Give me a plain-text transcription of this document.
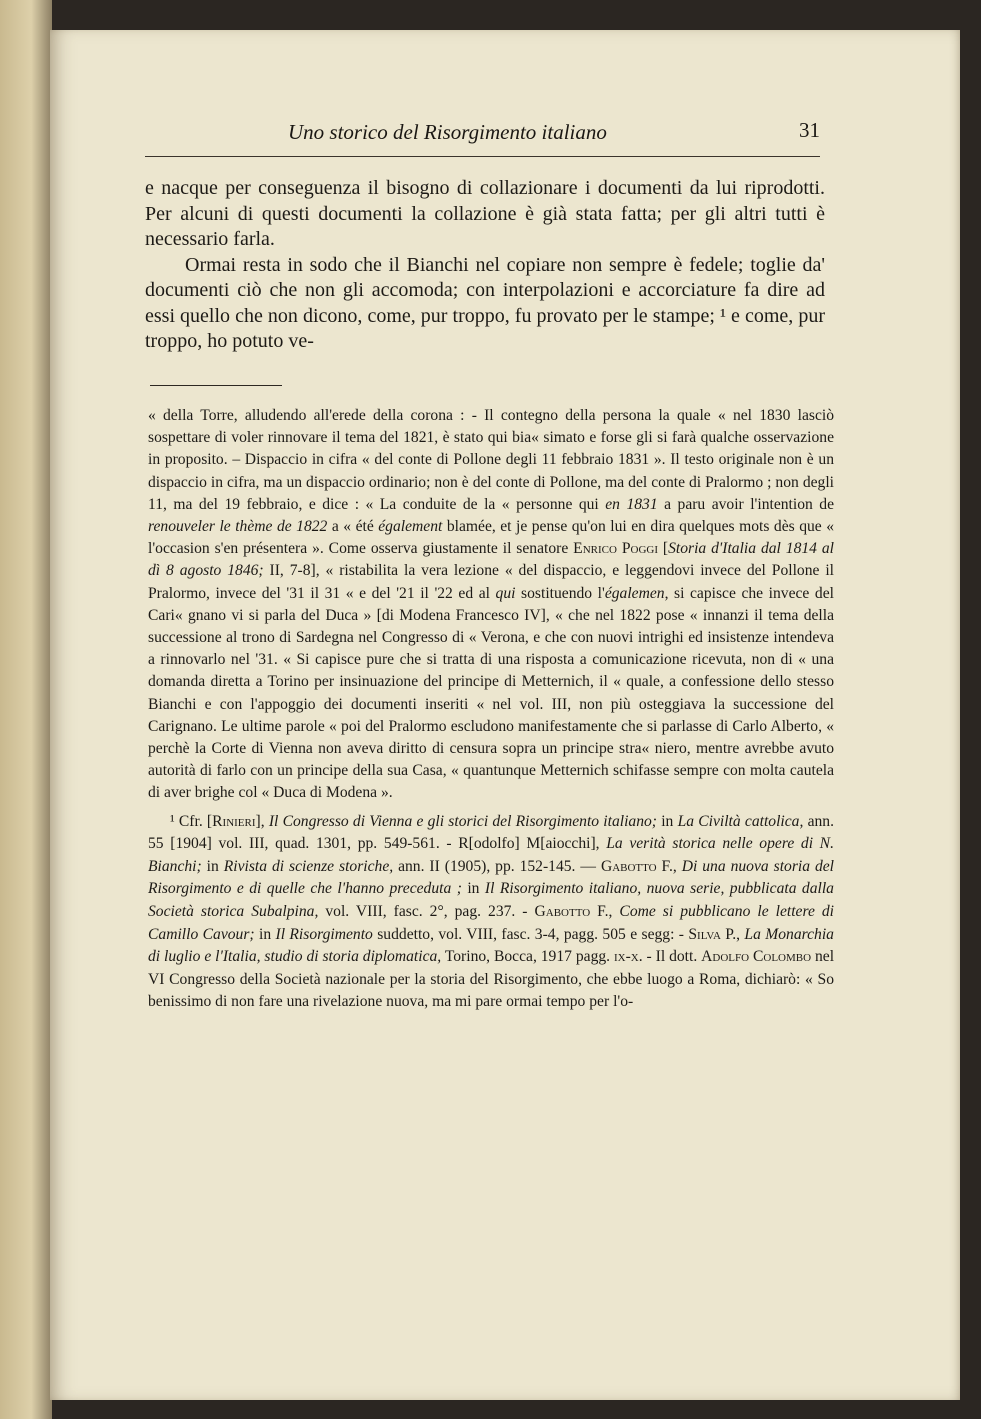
Uno storico del Risorgimento italiano	31

e nacque per conseguenza il bisogno di collazionare i documenti da lui riprodotti. Per alcuni di questi documenti la collazione è già stata fatta; per gli altri tutti è necessario farla.

Ormai resta in sodo che il Bianchi nel copiare non sempre è fedele; toglie da' documenti ciò che non gli accomoda; con interpolazioni e accorciature fa dire ad essi quello che non dicono, come, pur troppo, fu provato per le stampe; ¹ e come, pur troppo, ho potuto ve-

« della Torre, alludendo all'erede della corona : - Il contegno della persona la quale « nel 1830 lasciò sospettare di voler rinnovare il tema del 1821, è stato qui bia« simato e forse gli si farà qualche osservazione in proposito. – Dispaccio in cifra « del conte di Pollone degli 11 febbraio 1831 ». Il testo originale non è un dispaccio in cifra, ma un dispaccio ordinario; non è del conte di Pollone, ma del conte di Pralormo ; non degli 11, ma del 19 febbraio, e dice : « La conduite de la « personne qui en 1831 a paru avoir l'intention de renouveler le thème de 1822 a « été également blamée, et je pense qu'on lui en dira quelques mots dès que « l'occasion s'en présentera ». Come osserva giustamente il senatore Enrico Poggi [Storia d'Italia dal 1814 al dì 8 agosto 1846; II, 7-8], « ristabilita la vera lezione « del dispaccio, e leggendovi invece del Pollone il Pralormo, invece del '31 il 31 « e del '21 il '22 ed al qui sostituendo l'égalemen, si capisce che invece del Cari« gnano vi si parla del Duca » [di Modena Francesco IV], « che nel 1822 pose « innanzi il tema della successione al trono di Sardegna nel Congresso di « Verona, e che con nuovi intrighi ed insistenze intendeva a rinnovarlo nel '31. « Si capisce pure che si tratta di una risposta a comunicazione ricevuta, non di « una domanda diretta a Torino per insinuazione del principe di Metternich, il « quale, a confessione dello stesso Bianchi e con l'appoggio dei documenti inseriti « nel vol. III, non più osteggiava la successione del Carignano. Le ultime parole « poi del Pralormo escludono manifestamente che si parlasse di Carlo Alberto, « perchè la Corte di Vienna non aveva diritto di censura sopra un principe stra« niero, mentre avrebbe avuto autorità di farlo con un principe della sua Casa, « quantunque Metternich schifasse sempre con molta cautela di aver brighe col « Duca di Modena ».

¹ Cfr. [Rinieri], Il Congresso di Vienna e gli storici del Risorgimento italiano; in La Civiltà cattolica, ann. 55 [1904] vol. III, quad. 1301, pp. 549-561. - R[odolfo] M[aiocchi], La verità storica nelle opere di N. Bianchi; in Rivista di scienze storiche, ann. II (1905), pp. 152-145. — Gabotto F., Di una nuova storia del Risorgimento e di quelle che l'hanno preceduta ; in Il Risorgimento italiano, nuova serie, pubblicata dalla Società storica Subalpina, vol. VIII, fasc. 2°, pag. 237. - Gabotto F., Come si pubblicano le lettere di Camillo Cavour; in Il Risorgimento suddetto, vol. VIII, fasc. 3-4, pagg. 505 e segg: - Silva P., La Monarchia di luglio e l'Italia, studio di storia diplomatica, Torino, Bocca, 1917 pagg. ix-x. - Il dott. Adolfo Colombo nel VI Congresso della Società nazionale per la storia del Risorgimento, che ebbe luogo a Roma, dichiarò: « So benissimo di non fare una rivelazione nuova, ma mi pare ormai tempo per l'o-
